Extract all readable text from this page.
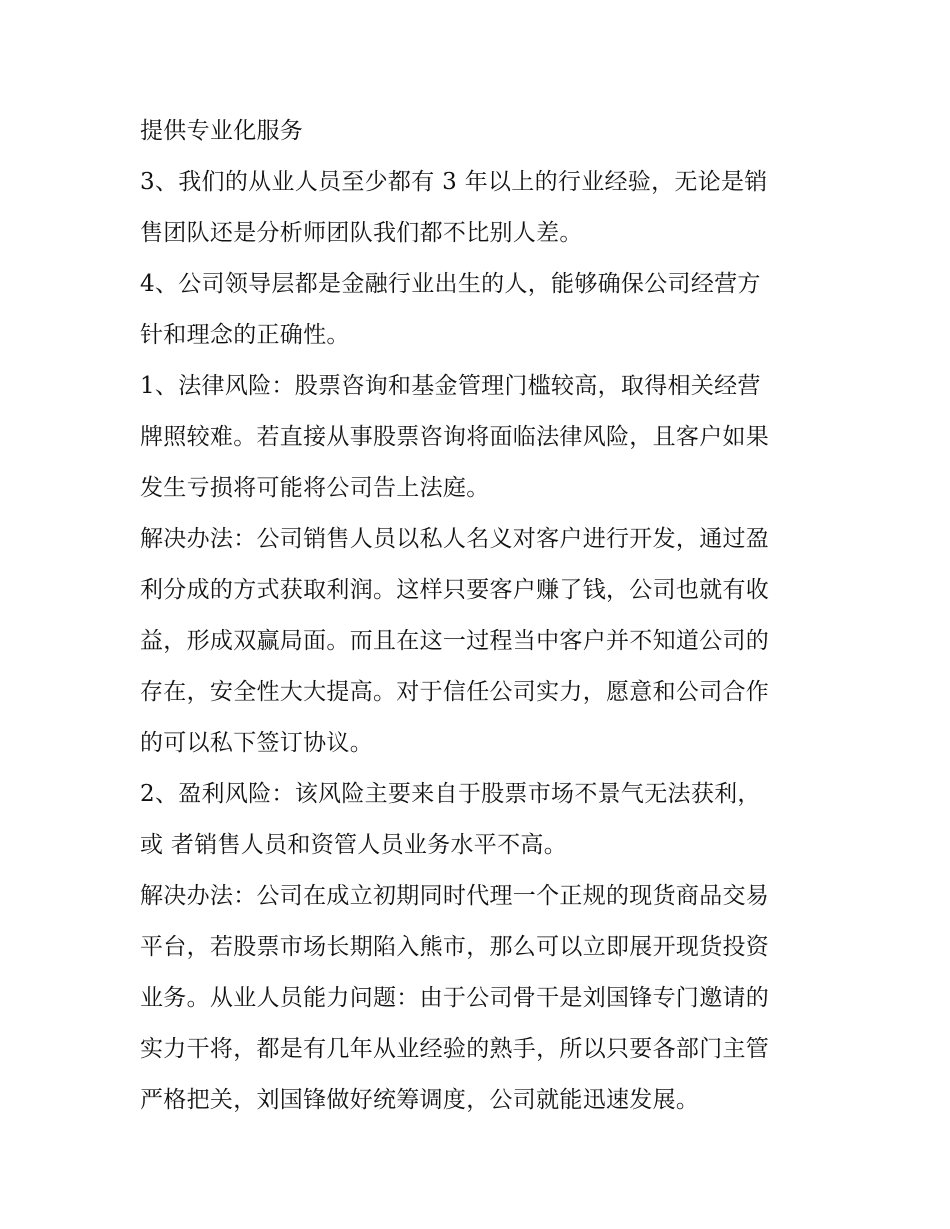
提供专业化服务
3、我们的从业人员至少都有 3 年以上的行业经验，无论是销
售团队还是分析师团队我们都不比别人差。
4、公司领导层都是金融行业出生的人，能够确保公司经营方
针和理念的正确性。
1、法律风险：股票咨询和基金管理门槛较高，取得相关经营
牌照较难。若直接从事股票咨询将面临法律风险，且客户如果
发生亏损将可能将公司告上法庭。
解决办法：公司销售人员以私人名义对客户进行开发，通过盈
利分成的方式获取利润。这样只要客户赚了钱，公司也就有收
益，形成双赢局面。而且在这一过程当中客户并不知道公司的
存在，安全性大大提高。对于信任公司实力，愿意和公司合作
的可以私下签订协议。
2、盈利风险：该风险主要来自于股票市场不景气无法获利，
或 者销售人员和资管人员业务水平不高。
解决办法：公司在成立初期同时代理一个正规的现货商品交易
平台，若股票市场长期陷入熊市，那么可以立即展开现货投资
业务。从业人员能力问题：由于公司骨干是刘国锋专门邀请的
实力干将，都是有几年从业经验的熟手，所以只要各部门主管
严格把关，刘国锋做好统筹调度，公司就能迅速发展。
